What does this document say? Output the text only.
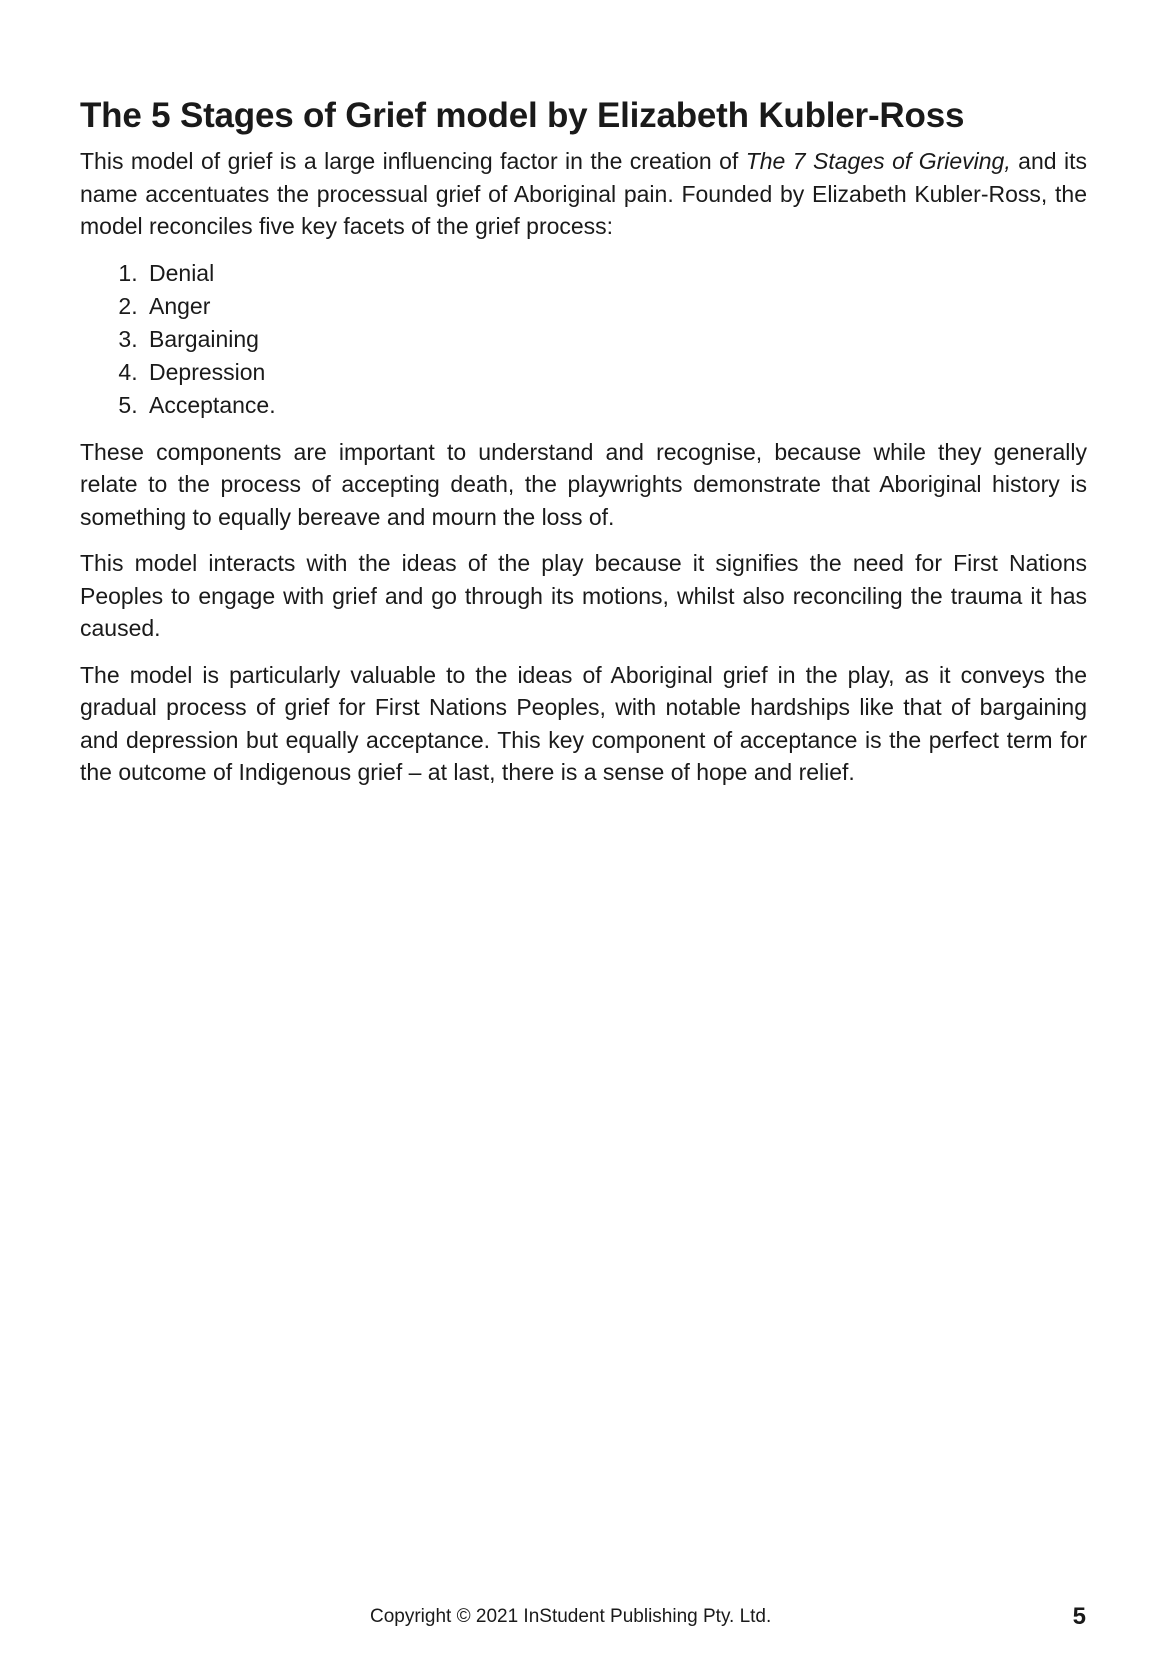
The 5 Stages of Grief model by Elizabeth Kubler-Ross

This model of grief is a large influencing factor in the creation of The 7 Stages of Grieving, and its name accentuates the processual grief of Aboriginal pain. Founded by Elizabeth Kubler-Ross, the model reconciles five key facets of the grief process:

1. Denial
2. Anger
3. Bargaining
4. Depression
5. Acceptance.

These components are important to understand and recognise, because while they generally relate to the process of accepting death, the playwrights demonstrate that Aboriginal history is something to equally bereave and mourn the loss of.

This model interacts with the ideas of the play because it signifies the need for First Nations Peoples to engage with grief and go through its motions, whilst also reconciling the trauma it has caused.

The model is particularly valuable to the ideas of Aboriginal grief in the play, as it conveys the gradual process of grief for First Nations Peoples, with notable hardships like that of bargaining and depression but equally acceptance. This key component of acceptance is the perfect term for the outcome of Indigenous grief – at last, there is a sense of hope and relief.

Copyright © 2021 InStudent Publishing Pty. Ltd.	5
